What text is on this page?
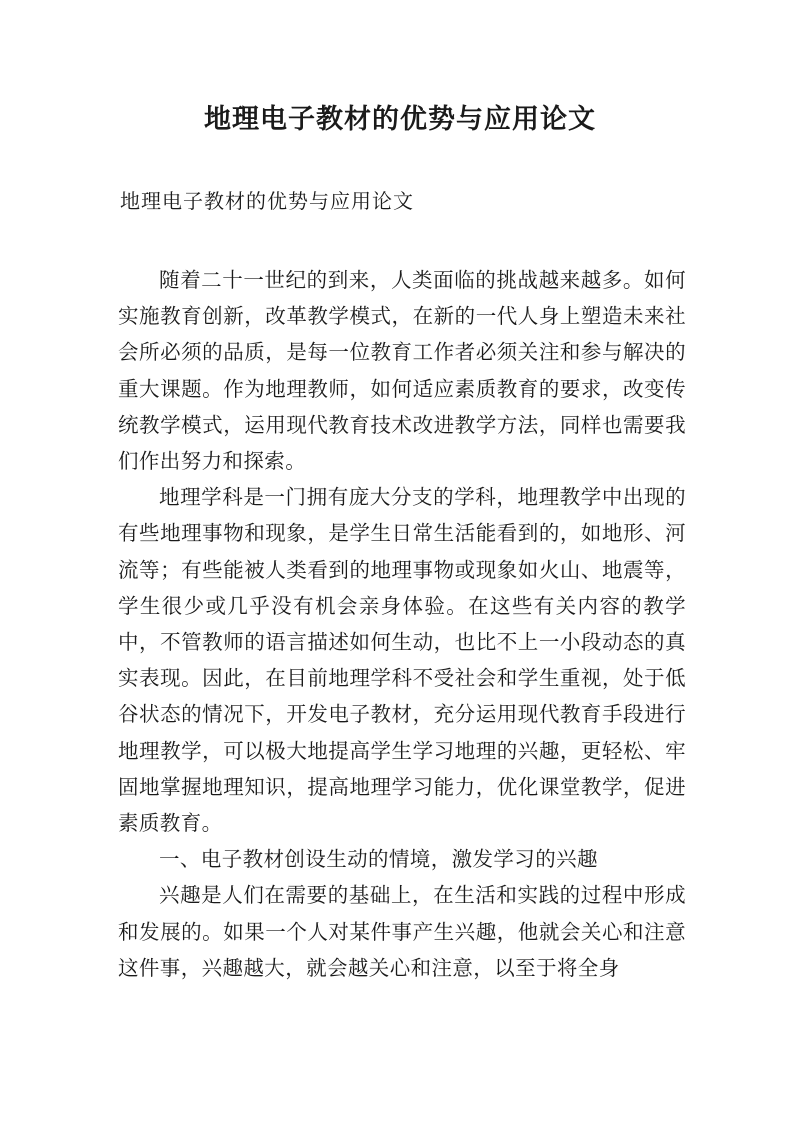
地理电子教材的优势与应用论文

地理电子教材的优势与应用论文

随着二十一世纪的到来，人类面临的挑战越来越多。如何实施教育创新，改革教学模式，在新的一代人身上塑造未来社会所必须的品质，是每一位教育工作者必须关注和参与解决的重大课题。作为地理教师，如何适应素质教育的要求，改变传统教学模式，运用现代教育技术改进教学方法，同样也需要我们作出努力和探索。

地理学科是一门拥有庞大分支的学科，地理教学中出现的有些地理事物和现象，是学生日常生活能看到的，如地形、河流等；有些能被人类看到的地理事物或现象如火山、地震等，学生很少或几乎没有机会亲身体验。在这些有关内容的教学中，不管教师的语言描述如何生动，也比不上一小段动态的真实表现。因此，在目前地理学科不受社会和学生重视，处于低谷状态的情况下，开发电子教材，充分运用现代教育手段进行地理教学，可以极大地提高学生学习地理的兴趣，更轻松、牢固地掌握地理知识，提高地理学习能力，优化课堂教学，促进素质教育。

一、电子教材创设生动的情境，激发学习的兴趣

兴趣是人们在需要的基础上，在生活和实践的过程中形成和发展的。如果一个人对某件事产生兴趣，他就会关心和注意这件事，兴趣越大，就会越关心和注意，以至于将全身
